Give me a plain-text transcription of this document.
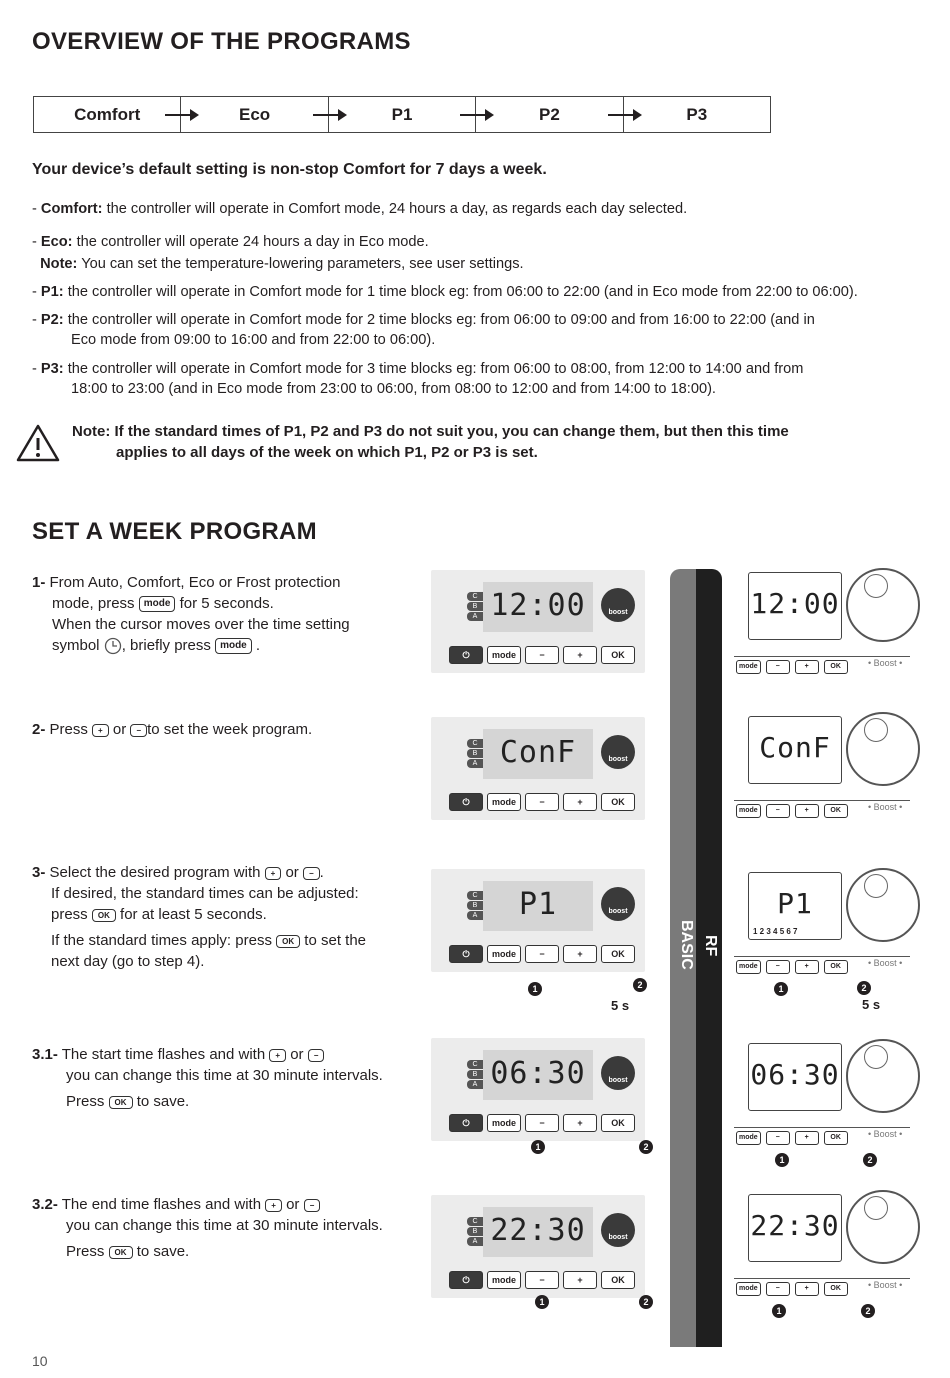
OVERVIEW OF THE PROGRAMS
Comfort	Eco	P1	P2	P3
Your device’s default setting is non-stop Comfort for 7 days a week.
- Comfort: the controller will operate in Comfort mode, 24 hours a day, as regards each day selected.
- Eco: the controller will operate 24 hours a day in Eco mode.
Note: You can set the temperature-lowering parameters, see user settings.
- P1: the controller will operate in Comfort mode for 1 time block eg: from 06:00 to 22:00 (and in Eco mode from 22:00 to 06:00).
- P2: the controller will operate in Comfort mode for 2 time blocks eg: from 06:00 to 09:00 and from 16:00 to 22:00 (and in
Eco mode from 09:00 to 16:00 and from 22:00 to 06:00).
- P3: the controller will operate in Comfort mode for 3 time blocks eg: from 06:00 to 08:00, from 12:00 to 14:00 and from
18:00 to 23:00 (and in Eco mode from 23:00 to 06:00, from 08:00 to 12:00 and from 14:00 to 18:00).
Note: If the standard times of P1, P2 and P3 do not suit you, you can change them, but then this time
applies to all days of the week on which P1, P2 or P3 is set.
SET A WEEK PROGRAM
1- From Auto, Comfort, Eco or Frost protection
mode, press mode for 5 seconds.
When the cursor moves over the time setting
symbol , briefly press mode .
2- Press + or − to set the week program.
3- Select the desired program with + or − .
If desired, the standard times can be adjusted:
press OK for at least 5 seconds.
If the standard times apply: press OK to set the
next day (go to step 4).
3.1- The start time flashes and with + or −
you can change this time at 30 minute intervals.
Press OK to save.
3.2- The end time flashes and with + or −
you can change this time at 30 minute intervals.
Press OK to save.
C
B
A 12:00	boost
⏻	mode	−	+	OK
C
B
A ConF	boost
⏻	mode	−	+	OK
C
B
A	P1	boost
⏻	mode	−	+	OK
C
B
A 06:30	boost
⏻	mode	−	+	OK
C
B
A 22:30	boost
⏻	mode	−	+	OK
1	2
5 s
1	2
1	2
BASIC RF
12:00
mode	−	+	OK	• Boost •
ConF
mode	−	+	OK	• Boost •
P1
1 2 3 4 5 6 7
mode	−	+	OK	• Boost •
06:30
mode	−	+	OK	• Boost •
22:30
mode	−	+	OK	• Boost •
1	2
5 s
1	2
1	2
10
